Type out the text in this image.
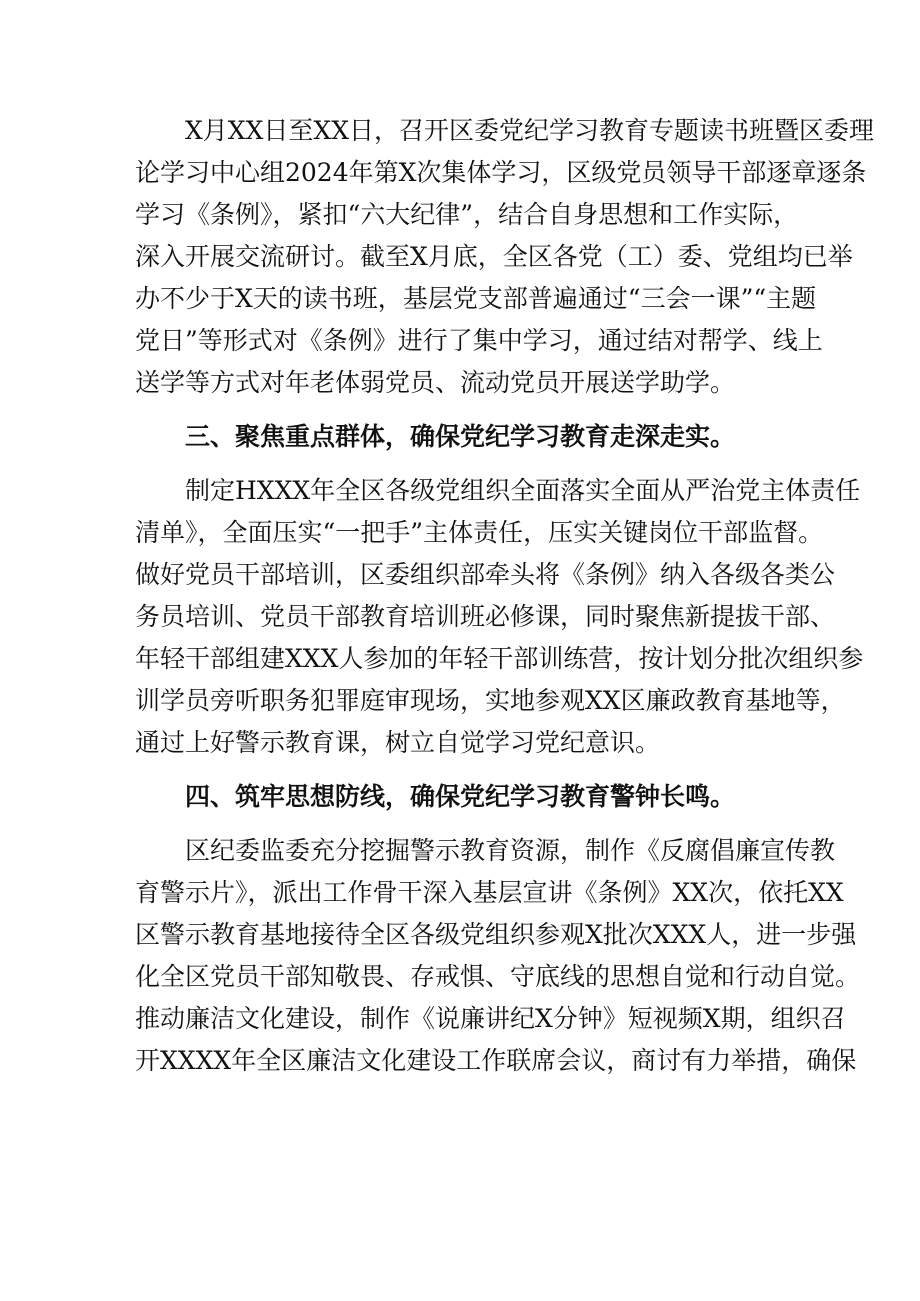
X月XX日至XX日，召开区委党纪学习教育专题读书班暨区委理
论学习中心组2024年第X次集体学习，区级党员领导干部逐章逐条
学习《条例》，紧扣“六大纪律”，结合自身思想和工作实际，
深入开展交流研讨。截至X月底，全区各党（工）委、党组均已举
办不少于X天的读书班，基层党支部普遍通过“三会一课”“主题
党日”等形式对《条例》进行了集中学习，通过结对帮学、线上
送学等方式对年老体弱党员、流动党员开展送学助学。
三、聚焦重点群体，确保党纪学习教育走深走实。
制定HXXX年全区各级党组织全面落实全面从严治党主体责任
清单》，全面压实“一把手”主体责任，压实关键岗位干部监督。
做好党员干部培训，区委组织部牵头将《条例》纳入各级各类公
务员培训、党员干部教育培训班必修课，同时聚焦新提拔干部、
年轻干部组建XXX人参加的年轻干部训练营，按计划分批次组织参
训学员旁听职务犯罪庭审现场，实地参观XX区廉政教育基地等，
通过上好警示教育课，树立自觉学习党纪意识。
四、筑牢思想防线，确保党纪学习教育警钟长鸣。
区纪委监委充分挖掘警示教育资源，制作《反腐倡廉宣传教
育警示片》，派出工作骨干深入基层宣讲《条例》XX次，依托XX
区警示教育基地接待全区各级党组织参观X批次XXX人，进一步强
化全区党员干部知敬畏、存戒惧、守底线的思想自觉和行动自觉。
推动廉洁文化建设，制作《说廉讲纪X分钟》短视频X期，组织召
开XXXX年全区廉洁文化建设工作联席会议，商讨有力举措，确保
